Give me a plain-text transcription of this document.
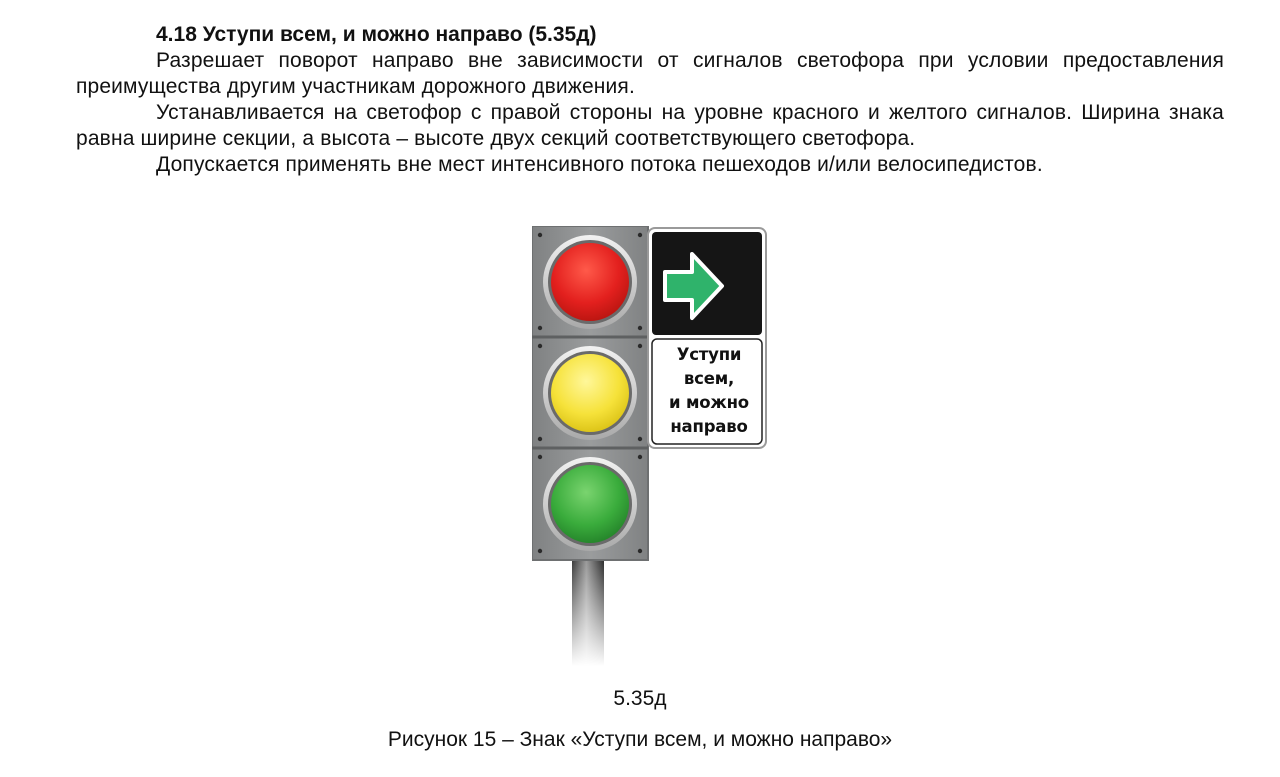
4.18 Уступи всем, и можно направо (5.35д)

Разрешает поворот направо вне зависимости от сигналов светофора при условии предоставления преимущества другим участникам дорожного движения.

Устанавливается на светофор с правой стороны на уровне красного и желтого сигналов. Ширина знака равна ширине секции, а высота – высоте двух секций соответствующего светофора.

Допускается применять вне мест интенсивного потока пешеходов и/или велосипедистов.

Уступи
всем,
и можно
направо
5.35д
Рисунок 15 – Знак «Уступи всем, и можно направо»
